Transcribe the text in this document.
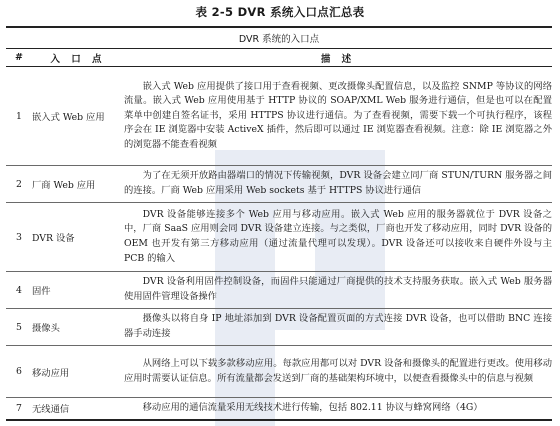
表 2-5 DVR 系统入口点汇总表
DVR 系统的入口点		
#	入 口 点	描 述
1	嵌入式 Web 应用	嵌入式 Web 应用提供了接口用于查看视频、更改摄像头配置信息，以及监控 SNMP 等协议的网络流量。嵌入式 Web 应用使用基于 HTTP 协议的 SOAP/XML Web 服务进行通信，但是也可以在配置菜单中创建自签名证书，采用 HTTPS 协议进行通信。为了查看视频，需要下载一个可执行程序，该程序会在 IE 浏览器中安装 ActiveX 插件，然后即可以通过 IE 浏览器查看视频。注意：除 IE 浏览器之外的浏览器不能查看视频

2	厂商 Web 应用	为了在无须开放路由器端口的情况下传输视频，DVR 设备会建立同厂商 STUN/TURN 服务器之间的连接。厂商 Web 应用采用 Web sockets 基于 HTTPS 协议进行通信

3	DVR 设备	DVR 设备能够连接多个 Web 应用与移动应用。嵌入式 Web 应用的服务器就位于 DVR 设备之中，厂商 SaaS 应用则会同 DVR 设备建立连接。与之类似，厂商也开发了移动应用，同时 DVR 设备的 OEM 也开发有第三方移动应用（通过流量代理可以发现）。DVR 设备还可以接收来自硬件外设与主 PCB 的输入

4	固件	DVR 设备利用固件控制设备，而固件只能通过厂商提供的技术支持服务获取。嵌入式 Web 服务器使用固件管理设备操作

5	摄像头	摄像头以将自身 IP 地址添加到 DVR 设备配置页面的方式连接 DVR 设备，也可以借助 BNC 连接器手动连接

6	移动应用	从网络上可以下载多款移动应用。每款应用都可以对 DVR 设备和摄像头的配置进行更改。使用移动应用时需要认证信息。所有流量都会发送到厂商的基础架构环境中，以便查看摄像头中的信息与视频

7	无线通信	移动应用的通信流量采用无线技术进行传输，包括 802.11 协议与蜂窝网络（4G）
